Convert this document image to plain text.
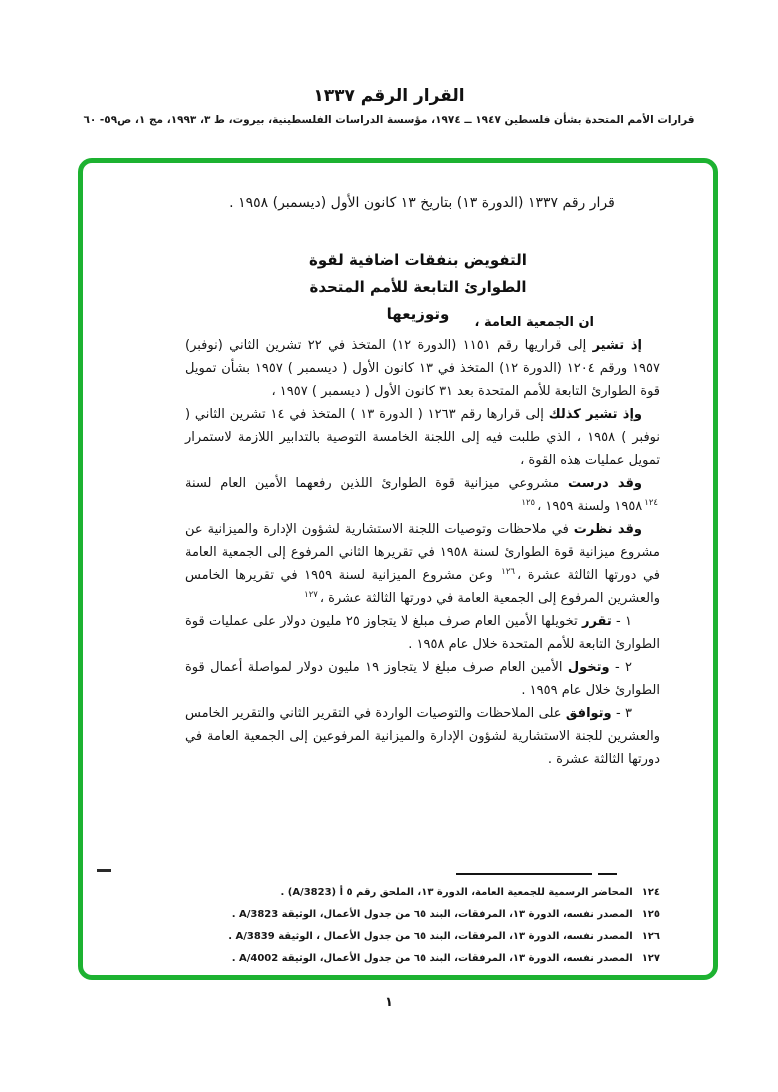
القرار الرقم ١٣٣٧
قرارات الأمم المتحدة بشأن فلسطين ١٩٤٧ ــ ١٩٧٤، مؤسسة الدراسات الفلسطينية، بيروت، ط ٣، ١٩٩٣، مج ١، ص٥٩- ٦٠
قرار رقم ١٣٣٧ (الدورة ١٣) بتاريخ ١٣ كانون الأول (ديسمبر) ١٩٥٨ .
التفويض بنفقات اضافية لقوة
الطوارئ التابعة للأمم المتحدة
وتوزيعها	ان الجمعية العامة ،

إذ تشير إلى قراريها رقم ١١٥١ (الدورة ١٢) المتخذ في ٢٢ تشرين الثاني (نوفبر) ١٩٥٧ ورقم ١٢٠٤ (الدورة ١٢) المتخذ في ١٣ كانون الأول ( ديسمبر ) ١٩٥٧ بشأن تمويل قوة الطوارئ التابعة للأمم المتحدة بعد ٣١ كانون الأول ( ديسمبر ) ١٩٥٧ ،

وإذ تشير كذلك إلى قرارها رقم ١٢٦٣ ( الدورة ١٣ ) المتخذ في ١٤ تشرين الثاني ( نوفبر ) ١٩٥٨ ، الذي طلبت فيه إلى اللجنة الخامسة التوصية بالتدابير اللازمة لاستمرار تمويل عمليات هذه القوة ،

وقد درست مشروعي ميزانية قوة الطوارئ اللذين رفعهما الأمين العام لسنة ١٩٥٨ $^{١٢٤}$ ولسنة ١٩٥٩ ،$^{١٢٥}$

وقد نظرت في ملاحظات وتوصيات اللجنة الاستشارية لشؤون الإدارة والميزانية عن مشروع ميزانية قوة الطوارئ لسنة ١٩٥٨ في تقريرها الثاني المرفوع إلى الجمعية العامة في دورتها الثالثة عشرة ،$^{١٢٦}$ وعن مشروع الميزانية لسنة ١٩٥٩ في تقريرها الخامس والعشرين المرفوع إلى الجمعية العامة في دورتها الثالثة عشرة ،$^{١٢٧}$

١ - تقرر تخويلها الأمين العام صرف مبلغ لا يتجاوز ٢٥ مليون دولار على عمليات قوة الطوارئ التابعة للأمم المتحدة خلال عام ١٩٥٨ .

٢ - وتخول الأمين العام صرف مبلغ لا يتجاوز ١٩ مليون دولار لمواصلة أعمال قوة الطوارئ خلال عام ١٩٥٩ .

٣ - وتوافق على الملاحظات والتوصيات الواردة في التقرير الثاني والتقرير الخامس والعشرين للجنة الاستشارية لشؤون الإدارة والميزانية المرفوعين إلى الجمعية العامة في دورتها الثالثة عشرة .

١٢٤المحاضر الرسمية للجمعية العامة، الدورة ١٣، الملحق رقم ٥ أ (A/3823) .
١٢٥المصدر نفسه، الدورة ١٣، المرفقات، البند ٦٥ من جدول الأعمال، الوثيقة A/3823 .
١٢٦المصدر نفسه، الدورة ١٣، المرفقات، البند ٦٥ من جدول الأعمال ، الوثيقة A/3839 .
١٢٧المصدر نفسه، الدورة ١٣، المرفقات، البند ٦٥ من جدول الأعمال، الوثيقة A/4002 .
١
